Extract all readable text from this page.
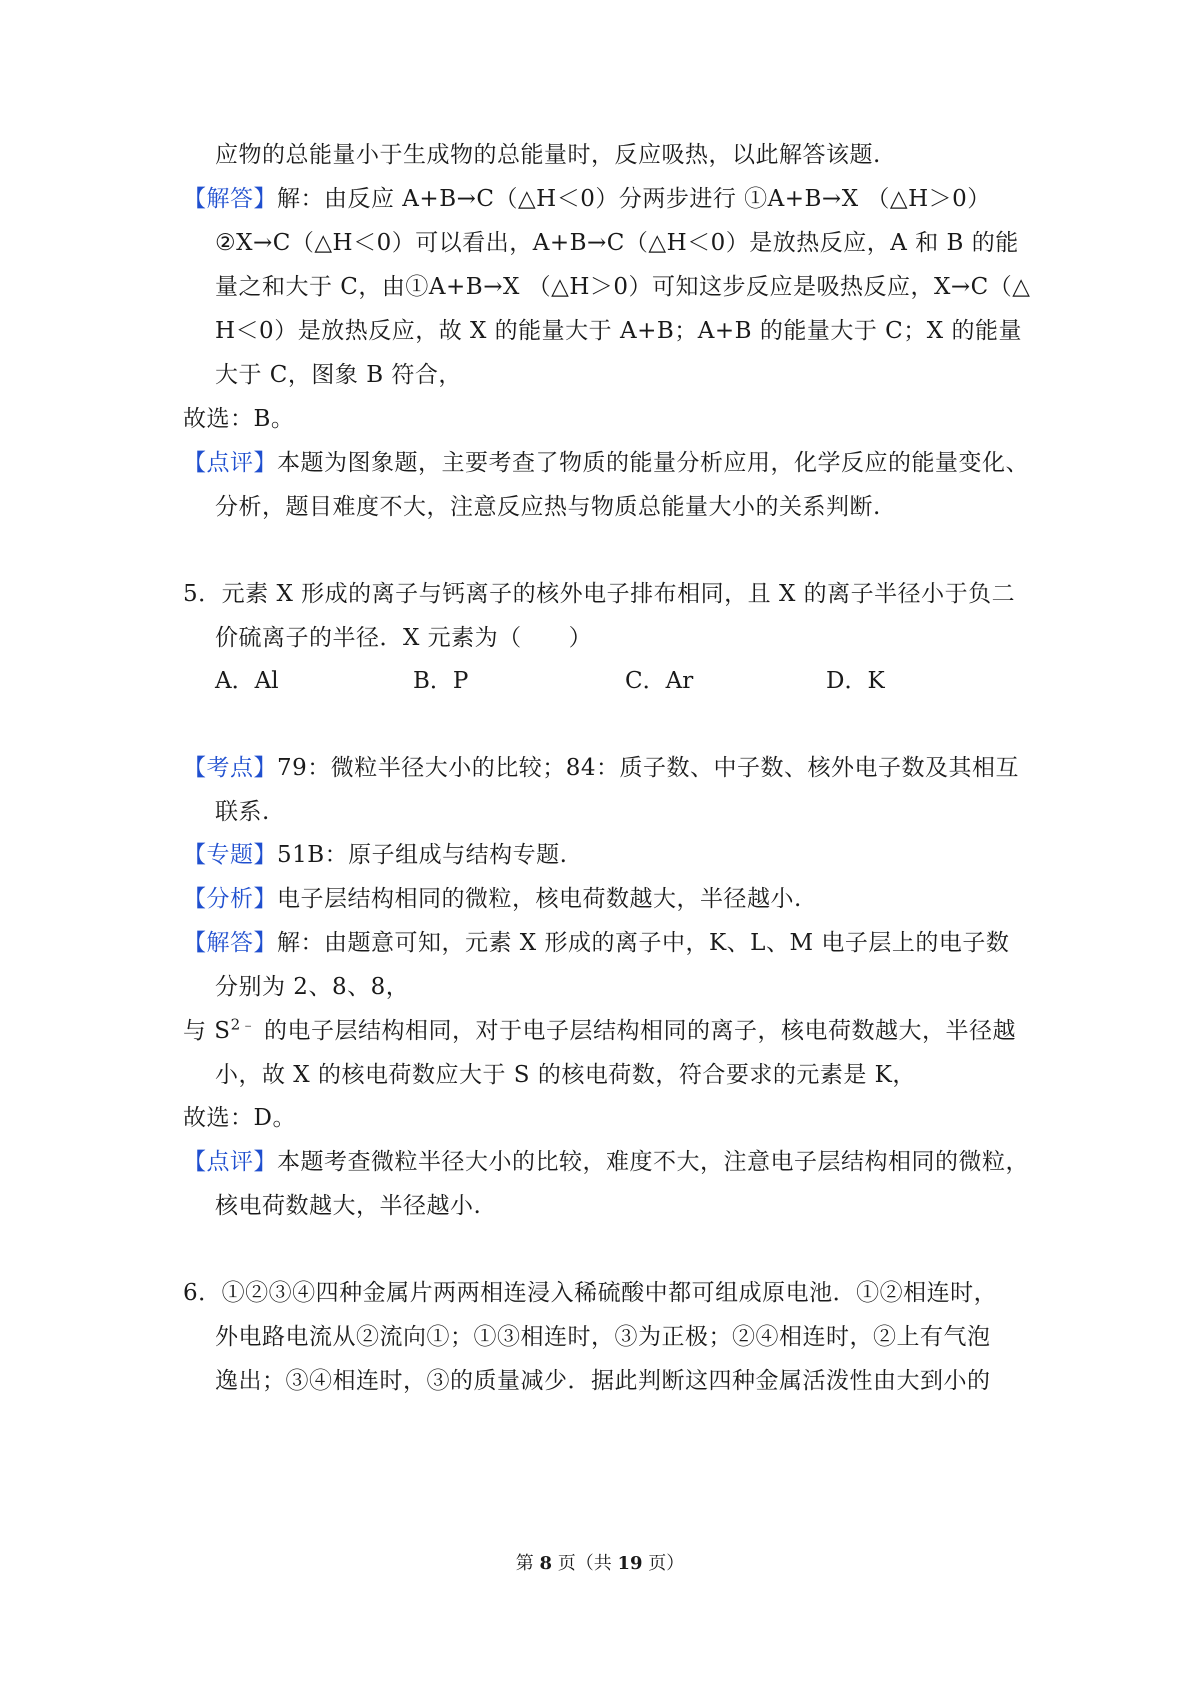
应物的总能量小于生成物的总能量时，反应吸热，以此解答该题.
【解答】解：由反应 A+B→C（△H＜0）分两步进行 ①A+B→X （△H＞0）
②X→C（△H＜0）可以看出，A+B→C（△H＜0）是放热反应，A 和 B 的能
量之和大于 C，由①A+B→X （△H＞0）可知这步反应是吸热反应，X→C（△
H＜0）是放热反应，故 X 的能量大于 A+B；A+B 的能量大于 C；X 的能量
大于 C，图象 B 符合，
故选：B。
【点评】本题为图象题，主要考查了物质的能量分析应用，化学反应的能量变化、
分析，题目难度不大，注意反应热与物质总能量大小的关系判断.
5．元素 X 形成的离子与钙离子的核外电子排布相同，且 X 的离子半径小于负二
价硫离子的半径．X 元素为（　　）
A．Al	B．P	C．Ar	D．K
【考点】79：微粒半径大小的比较；84：质子数、中子数、核外电子数及其相互
联系.
【专题】51B：原子组成与结构专题.
【分析】电子层结构相同的微粒，核电荷数越大，半径越小.
【解答】解：由题意可知，元素 X 形成的离子中，K、L、M 电子层上的电子数
分别为 2、8、8，
与 $S^{2﹣}$ 的电子层结构相同，对于电子层结构相同的离子，核电荷数越大，半径越
小，故 X 的核电荷数应大于 S 的核电荷数，符合要求的元素是 K，
故选：D。
【点评】本题考查微粒半径大小的比较，难度不大，注意电子层结构相同的微粒，
核电荷数越大，半径越小.
6．①②③④四种金属片两两相连浸入稀硫酸中都可组成原电池．①②相连时，
外电路电流从②流向①；①③相连时，③为正极；②④相连时，②上有气泡
逸出；③④相连时，③的质量减少．据此判断这四种金属活泼性由大到小的
第 8 页（共 19 页）
